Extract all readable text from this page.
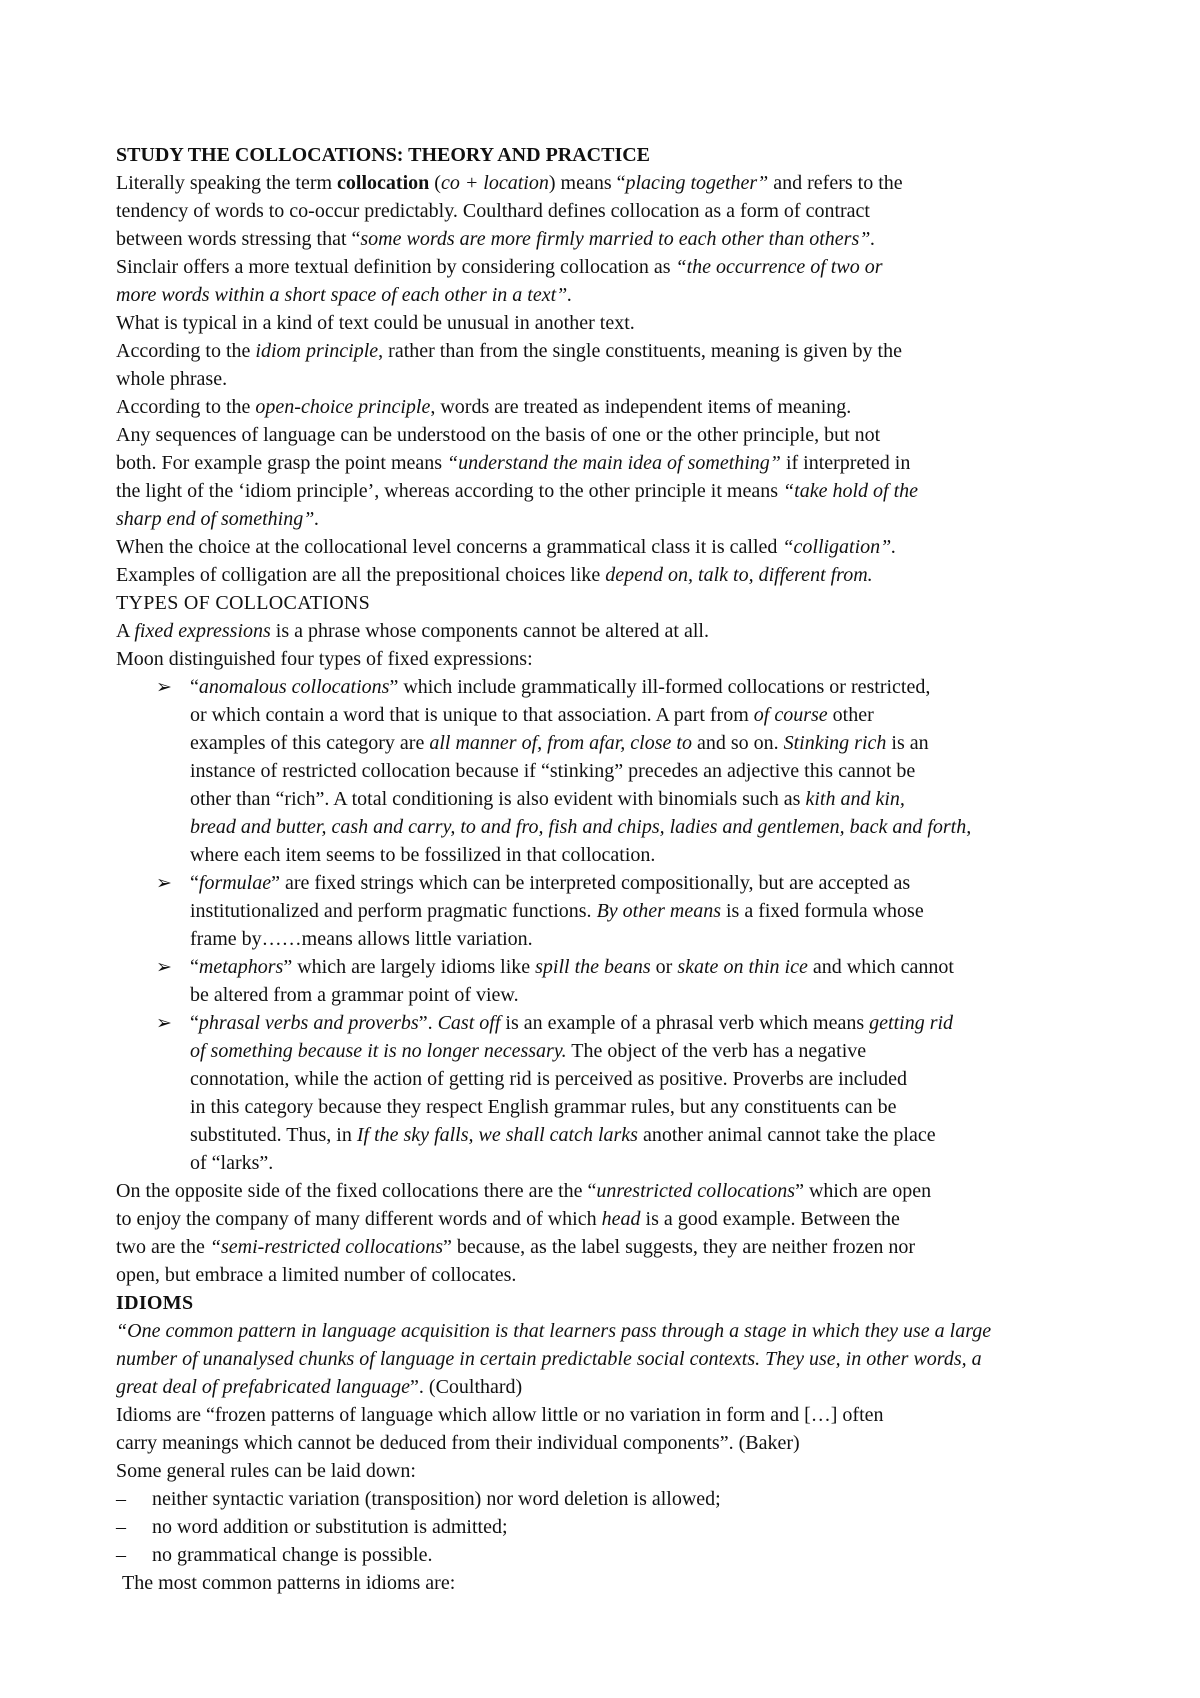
STUDY THE COLLOCATIONS: THEORY AND PRACTICE
Literally speaking the term collocation (co + location) means “placing together” and refers to the
tendency of words to co-occur predictably. Coulthard defines collocation as a form of contract
between words stressing that “some words are more firmly married to each other than others”.
Sinclair offers a more textual definition by considering collocation as “the occurrence of two or
more words within a short space of each other in a text”.
What is typical in a kind of text could be unusual in another text.
According to the idiom principle, rather than from the single constituents, meaning is given by the
whole phrase.
According to the open-choice principle, words are treated as independent items of meaning.
Any sequences of language can be understood on the basis of one or the other principle, but not
both. For example grasp the point means “understand the main idea of something” if interpreted in
the light of the ‘idiom principle’, whereas according to the other principle it means “take hold of the
sharp end of something”.
When the choice at the collocational level concerns a grammatical class it is called “colligation”.
Examples of colligation are all the prepositional choices like depend on, talk to, different from.
TYPES OF COLLOCATIONS
A fixed expressions is a phrase whose components cannot be altered at all.
Moon distinguished four types of fixed expressions:
➢ “anomalous collocations” which include grammatically ill-formed collocations or restricted,
or which contain a word that is unique to that association. A part from of course other
examples of this category are all manner of, from afar, close to and so on. Stinking rich is an
instance of restricted collocation because if “stinking” precedes an adjective this cannot be
other than “rich”. A total conditioning is also evident with binomials such as kith and kin,
bread and butter, cash and carry, to and fro, fish and chips, ladies and gentlemen, back and forth,
where each item seems to be fossilized in that collocation.
➢ “formulae” are fixed strings which can be interpreted compositionally, but are accepted as
institutionalized and perform pragmatic functions. By other means is a fixed formula whose
frame by……means allows little variation.
➢ “metaphors” which are largely idioms like spill the beans or skate on thin ice and which cannot
be altered from a grammar point of view.
➢ “phrasal verbs and proverbs”. Cast off is an example of a phrasal verb which means getting rid
of something because it is no longer necessary. The object of the verb has a negative
connotation, while the action of getting rid is perceived as positive. Proverbs are included
in this category because they respect English grammar rules, but any constituents can be
substituted. Thus, in If the sky falls, we shall catch larks another animal cannot take the place
of “larks”.
On the opposite side of the fixed collocations there are the “unrestricted collocations” which are open
to enjoy the company of many different words and of which head is a good example. Between the
two are the “semi-restricted collocations” because, as the label suggests, they are neither frozen nor
open, but embrace a limited number of collocates.
IDIOMS
“One common pattern in language acquisition is that learners pass through a stage in which they use a large
number of unanalysed chunks of language in certain predictable social contexts. They use, in other words, a
great deal of prefabricated language”. (Coulthard)
Idioms are “frozen patterns of language which allow little or no variation in form and […] often
carry meanings which cannot be deduced from their individual components”. (Baker)
Some general rules can be laid down:
– neither syntactic variation (transposition) nor word deletion is allowed;
– no word addition or substitution is admitted;
– no grammatical change is possible.
The most common patterns in idioms are:
